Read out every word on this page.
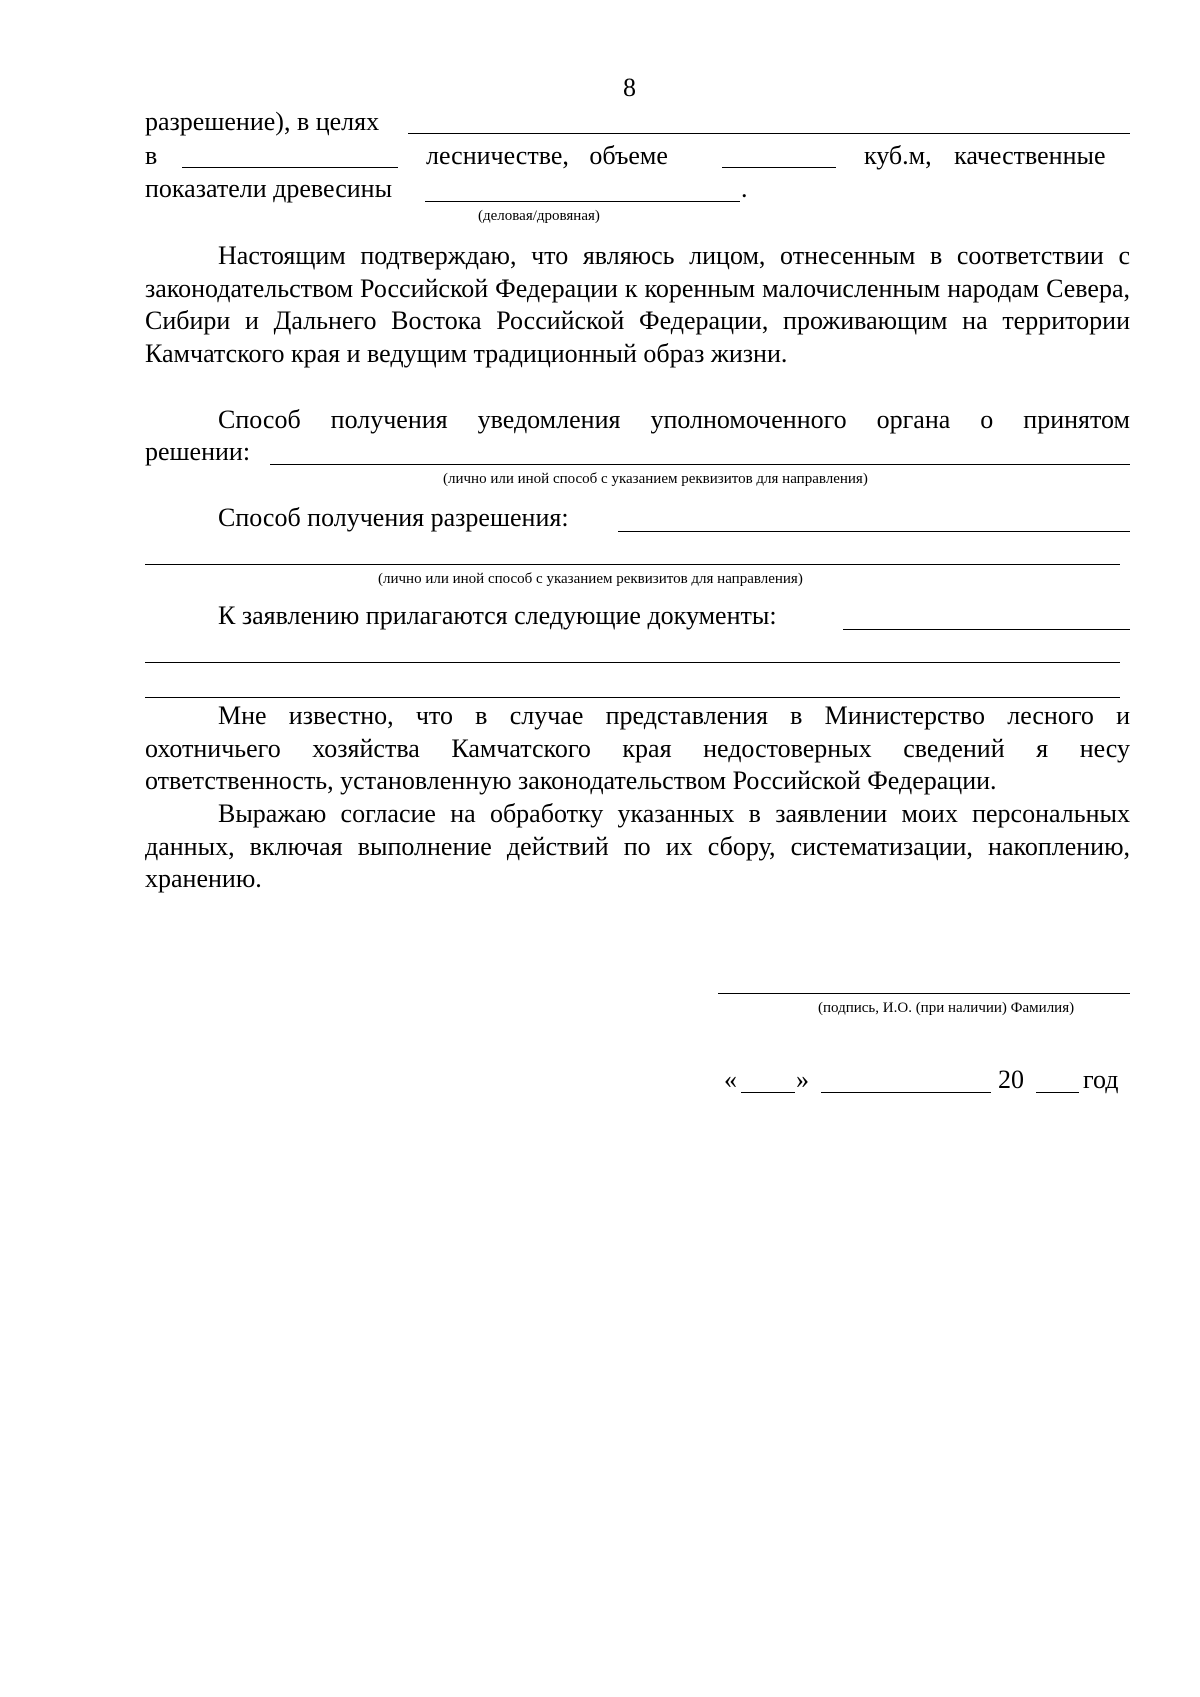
8
разрешение), в целях
в	лесничестве, объеме	куб.м, качественные
показатели древесины	.
(деловая/дровяная)
Настоящим подтверждаю, что являюсь лицом, отнесенным в соответствии с законодательством Российской Федерации к коренным малочисленным народам Севера, Сибири и Дальнего Востока Российской Федерации, проживающим на территории Камчатского края и ведущим традиционный образ жизни.
Способ получения уведомления уполномоченного органа о принятом
решении:
(лично или иной способ с указанием реквизитов для направления)
Способ получения разрешения:
(лично или иной способ с указанием реквизитов для направления)
К заявлению прилагаются следующие документы:
Мне известно, что в случае представления в Министерство лесного и охотничьего хозяйства Камчатского края недостоверных сведений я несу ответственность, установленную законодательством Российской Федерации.
Выражаю согласие на обработку указанных в заявлении моих персональных данных, включая выполнение действий по их сбору, систематизации, накоплению, хранению.
(подпись, И.О. (при наличии) Фамилия)
« »	20 год
